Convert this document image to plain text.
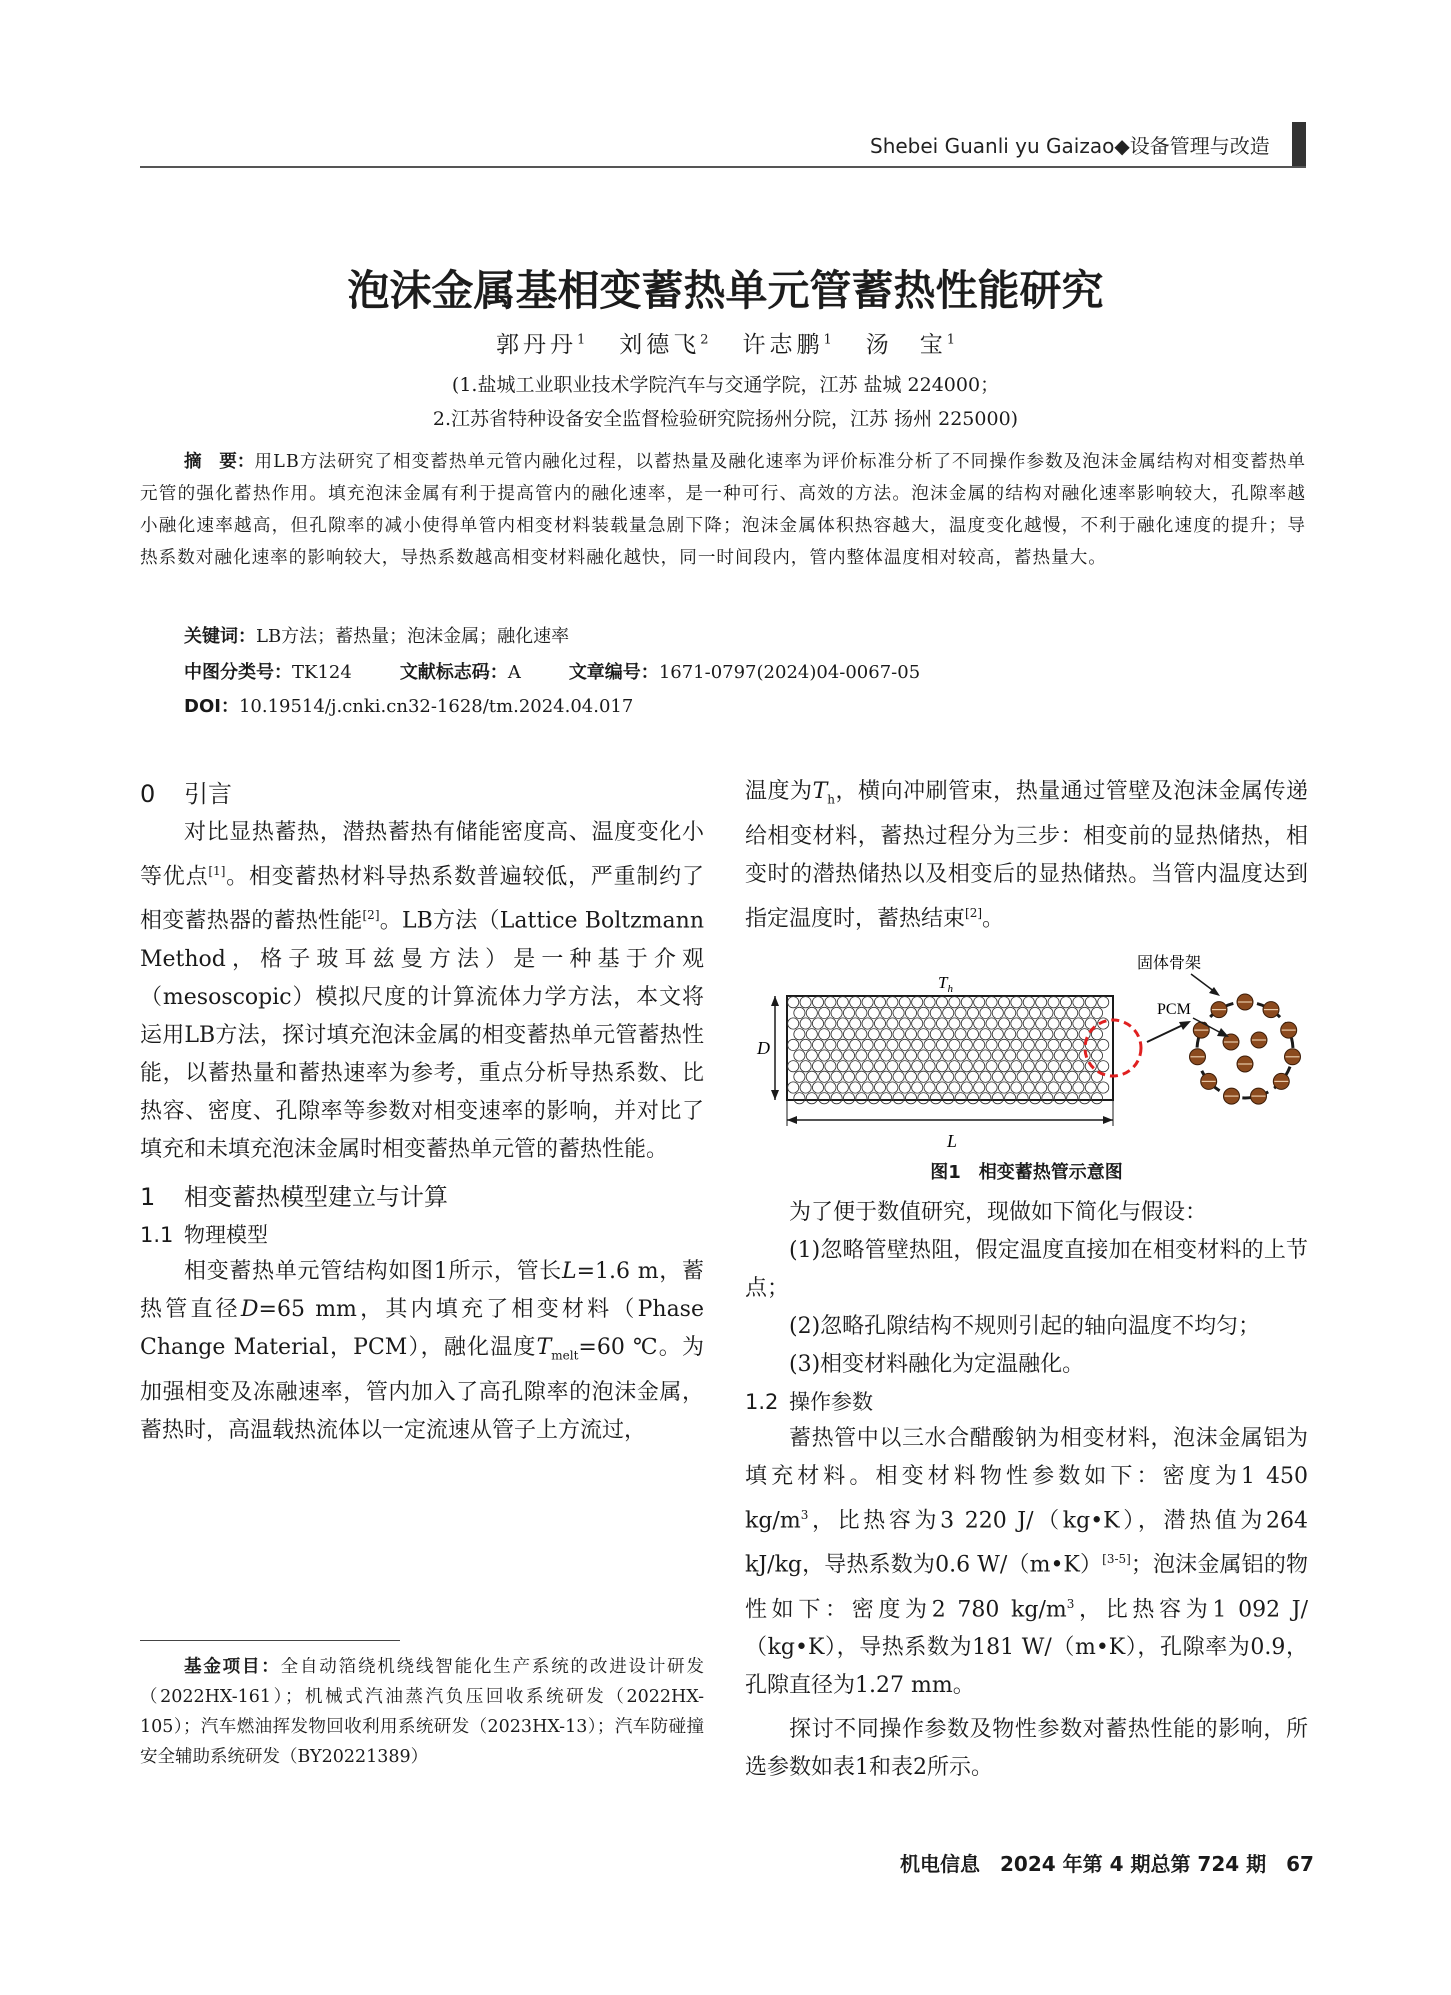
Shebei Guanli yu Gaizao◆设备管理与改造
泡沫金属基相变蓄热单元管蓄热性能研究
郭丹丹$^1$ 刘德飞$^2$ 许志鹏$^1$ 汤　宝$^1$
(1.盐城工业职业技术学院汽车与交通学院，江苏 盐城 224000；
2.江苏省特种设备安全监督检验研究院扬州分院，江苏 扬州 225000)
摘　要：用LB方法研究了相变蓄热单元管内融化过程，以蓄热量及融化速率为评价标准分析了不同操作参数及泡沫金属结构对相变蓄热单元管的强化蓄热作用。填充泡沫金属有利于提高管内的融化速率，是一种可行、高效的方法。泡沫金属的结构对融化速率影响较大，孔隙率越小融化速率越高，但孔隙率的减小使得单管内相变材料装载量急剧下降；泡沫金属体积热容越大，温度变化越慢，不利于融化速度的提升；导热系数对融化速率的影响较大，导热系数越高相变材料融化越快，同一时间段内，管内整体温度相对较高，蓄热量大。
关键词：LB方法；蓄热量；泡沫金属；融化速率
中图分类号：TK124	文献标志码：A	文章编号：1671-0797(2024)04-0067-05
DOI：10.19514/j.cnki.cn32-1628/tm.2024.04.017

0 引言

对比显热蓄热，潜热蓄热有储能密度高、温度变化小等优点[1]。相变蓄热材料导热系数普遍较低，严重制约了相变蓄热器的蓄热性能[2]。LB方法（Lattice Boltzmann Method，格子玻耳兹曼方法）是一种基于介观（mesoscopic）模拟尺度的计算流体力学方法，本文将运用LB方法，探讨填充泡沫金属的相变蓄热单元管蓄热性能，以蓄热量和蓄热速率为参考，重点分析导热系数、比热容、密度、孔隙率等参数对相变速率的影响，并对比了填充和未填充泡沫金属时相变蓄热单元管的蓄热性能。

1 相变蓄热模型建立与计算

1.1 物理模型

相变蓄热单元管结构如图1所示，管长L=1.6 m，蓄热管直径D=65 mm，其内填充了相变材料（Phase Change Material，PCM），融化温度$T_{melt}=60$ ℃。为加强相变及冻融速率，管内加入了高孔隙率的泡沫金属，蓄热时，高温载热流体以一定流速从管子上方流过，

基金项目：全自动箔绕机绕线智能化生产系统的改进设计研发（2022HX-161）；机械式汽油蒸汽负压回收系统研发（2022HX-105）；汽车燃油挥发物回收利用系统研发（2023HX-13）；汽车防碰撞安全辅助系统研发（BY20221389）

温度为$T_h$，横向冲刷管束，热量通过管壁及泡沫金属传递给相变材料，蓄热过程分为三步：相变前的显热储热，相变时的潜热储热以及相变后的显热储热。当管内温度达到指定温度时，蓄热结束[2]。

D
L
$T_h$
固体骨架
PCM
图1　相变蓄热管示意图

为了便于数值研究，现做如下简化与假设：

(1)忽略管壁热阻，假定温度直接加在相变材料的上节点；

(2)忽略孔隙结构不规则引起的轴向温度不均匀；

(3)相变材料融化为定温融化。

1.2 操作参数

蓄热管中以三水合醋酸钠为相变材料，泡沫金属铝为填充材料。相变材料物性参数如下：密度为1 450 $kg/m^3$，比热容为3 220 J/（kg•K），潜热值为264 kJ/kg，导热系数为0.6 W/（m•K）[3-5]；泡沫金属铝的物性如下：密度为2 780 $kg/m^3$，比热容为1 092 J/（kg•K），导热系数为181 W/（m•K），孔隙率为0.9，孔隙直径为1.27 mm。

探讨不同操作参数及物性参数对蓄热性能的影响，所选参数如表1和表2所示。

机电信息　2024 年第 4 期总第 724 期　67
